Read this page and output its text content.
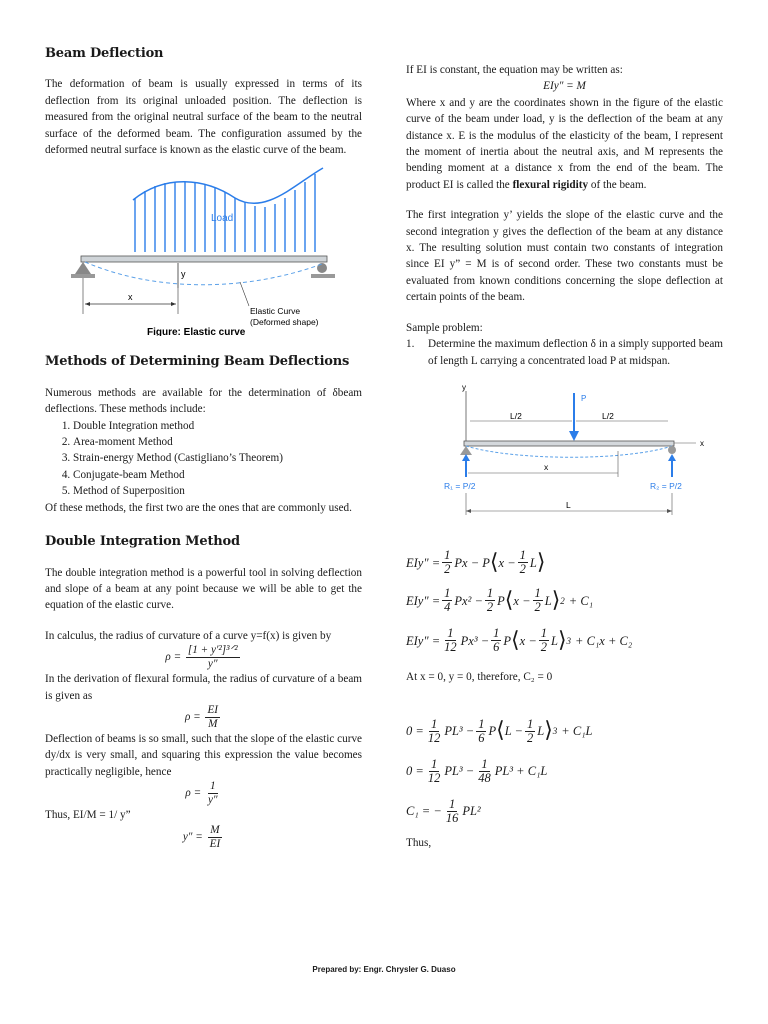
Beam Deflection

The deformation of beam is usually expressed in terms of its deflection from its original unloaded position. The deflection is measured from the original neutral surface of the beam to the neutral surface of the deformed beam. The configuration assumed by the deformed neutral surface is known as the elastic curve of the beam.

Load
y
x
Elastic Curve
(Deformed shape)
Figure: Elastic curve
Methods of Determining Beam Deflections

Numerous methods are available for the determination of δbeam deflections. These methods include:

1. Double Integration method
2. Area-moment Method
3. Strain-energy Method (Castigliano’s Theorem)
4. Conjugate-beam Method
5. Method of Superposition

Of these methods, the first two are the ones that are commonly used.

Double Integration Method

The double integration method is a powerful tool in solving deflection and slope of a beam at any point because we will be able to get the equation of the elastic curve.

In calculus, the radius of curvature of a curve y=f(x) is given by

$\rho = \frac{\text{[1 + y′²]³ᐟ²}}{y''}$

In the derivation of flexural formula, the radius of curvature of a beam is given as

$\rho = \frac{EI}{M}$

Deflection of beams is so small, such that the slope of the elastic curve dy/dx is very small, and squaring this expression the value becomes practically negligible, hence

$\rho = \frac{1}{y''}$

Thus, EI/M = 1/ y”

$y'' = \frac{M}{EI}$

If EI is constant, the equation may be written as:

EIy″ = M

Where x and y are the coordinates shown in the figure of the elastic curve of the beam under load, y is the deflection of the beam at any distance x. E is the modulus of the elasticity of the beam, I represent the moment of inertia about the neutral axis, and M represents the bending moment at a distance x from the end of the beam. The product EI is called the flexural rigidity of the beam.

The first integration y’ yields the slope of the elastic curve and the second integration y gives the deflection of the beam at any distance x. The resulting solution must contain two constants of integration since EI y” = M is of second order. These two constants must be evaluated from known conditions concerning the slope deflection at certain points of the beam.

Sample problem:
1.	Determine the maximum deflection δ in a simply supported beam of length L carrying a concentrated load P at midspan.

y
P
L/2	L/2
x
R₁ = P/2	R₂ = P/2
x
L
EIy" = $\frac{1}{2}$ Px − P ⟨ $x - \frac{1}{2}$ L ⟩
EIy" = $\frac{1}{4} Px^2 - \frac{1}{2}$ P ⟨ $x - \frac{1}{2}$ L ⟩ 2 + C₁
EIy" = $\frac{1}{12} Px^3 - \frac{1}{6}$ P ⟨ $x - \frac{1}{2}$ L ⟩ 3 + C₁x + C₂

At x = 0, y = 0, therefore, C₂ = 0

$0 = \frac{1}{12} PL^3 - \frac{1}{6}$ P ⟨ $L - \frac{1}{2}$ L ⟩ 3 + C₁L
$0 = \frac{1}{12} PL^3 - \frac{1}{48} PL^3 + C_1L$
C₁ = − $\frac{1}{16} PL^2$
Thus,
Prepared by: Engr. Chrysler G. Duaso
